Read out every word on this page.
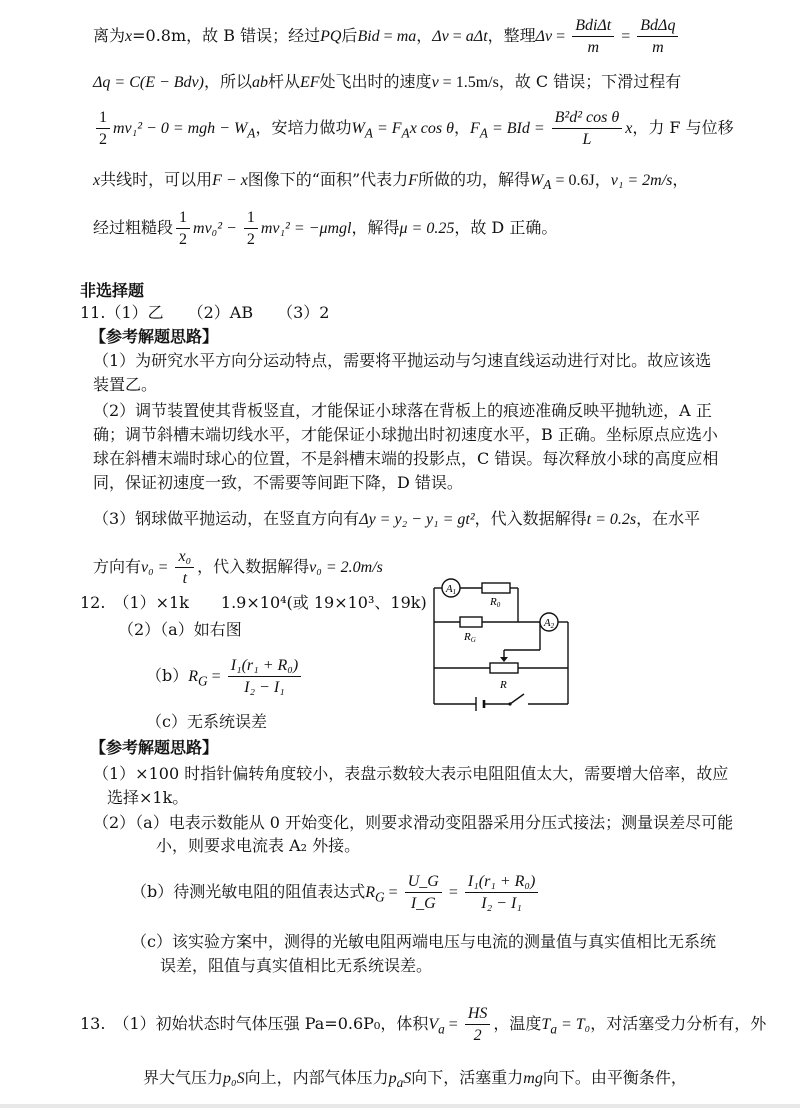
离为x=0.8m，故 B 错误；经过PQ后Bid = ma，Δv = aΔt，整理$\Delta v = \frac{\text{BdiΔt}}{m} = \frac{\text{BdΔq}}{m}$
Δq = C(E − Bdv)，所以ab杆从EF处飞出时的速度v = 1.5m/s，故 C 错误；下滑过程有
$\frac{1}{2} mv_1^2 - 0$ = mgh − $W_A$，安培力做功$W_A = F_Ax$ cos θ，$F_A$ = BId = $\frac{\text{B²d² cos θ}}{L}$ x，力 F 与位移
x共线时，可以用F − x图像下的“面积”代表力F所做的功，解得$W_A = 0.6J$，v₁ = 2m/s，
经过粗糙段 $\frac{1}{2} mv_0^2 - \frac{1}{2} mv_1^2 = -\mu mgl$，解得μ = 0.25，故 D 正确。
非选择题
11.（1）乙　　（2）AB　　（3）2
【参考解题思路】
（1）为研究水平方向分运动特点，需要将平抛运动与匀速直线运动进行对比。故应该选
装置乙。
（2）调节装置使其背板竖直，才能保证小球落在背板上的痕迹准确反映平抛轨迹，A 正
确；调节斜槽末端切线水平，才能保证小球抛出时初速度水平，B 正确。坐标原点应选小
球在斜槽末端时球心的位置，不是斜槽末端的投影点，C 错误。每次释放小球的高度应相
同，保证初速度一致，不需要等间距下降，D 错误。
（3）钢球做平抛运动，在竖直方向有Δy = y₂ − y₁ = gt²，代入数据解得t = 0.2s，在水平
方向有$v_0 = \frac{\text{x₀}}{t}$ ，代入数据解得v₀ = 2.0m/s
12.　（1）×1k　　1.9×10⁴(或 19×10³、19k)
（2）（a）如右图
$(b)R_G = \frac{\text{I₁(r₁ + R₀)}}{\text{I₂ − I₁}}$
（c）无系统误差
A1
R0
A2
RG
R
【参考解题思路】
（1）×100 时指针偏转角度较小，表盘示数较大表示电阻阻值太大，需要增大倍率，故应
选择×1k。
（2）（a）电表示数能从 0 开始变化，则要求滑动变阻器采用分压式接法；测量误差尽可能
小，则要求电流表 A₂ 外接。
（b）待测光敏电阻的阻值表达式$R_G = \frac{U\_G}{I\_G} = \frac{\text{I₁(r₁ + R₀)}}{\text{I₂ − I₁}}$
（c）该实验方案中，测得的光敏电阻两端电压与电流的测量值与真实值相比无系统
误差，阻值与真实值相比无系统误差。
13.　（1）初始状态时气体压强 Pa=0.6P₀，体积$V_a = \frac{HS}{2}$ ，温度$T_a = T_0$，对活塞受力分析有，外
界大气压力p₀S向上，内部气体压力$p_aS$向下，活塞重力mg向下。由平衡条件，
